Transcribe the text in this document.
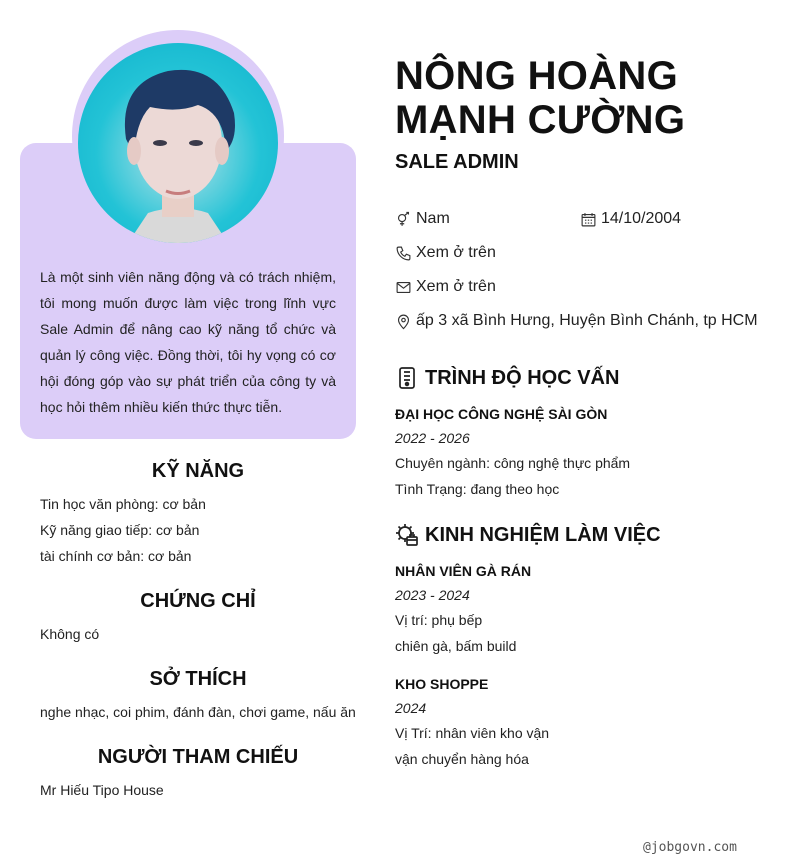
Là một sinh viên năng động và có trách nhiệm, tôi mong muốn được làm việc trong lĩnh vực Sale Admin để nâng cao kỹ năng tổ chức và quản lý công việc. Đồng thời, tôi hy vọng có cơ hội đóng góp vào sự phát triển của công ty và học hỏi thêm nhiều kiến thức thực tiễn.

KỸ NĂNG
Tin học văn phòng: cơ bản
Kỹ năng giao tiếp: cơ bản
tài chính cơ bản: cơ bản
CHỨNG CHỈ
Không có
SỞ THÍCH
nghe nhạc, coi phim, đánh đàn, chơi game, nấu ăn
NGƯỜI THAM CHIẾU
Mr Hiếu Tipo House
NÔNG HOÀNG
MẠNH CƯỜNG

SALE ADMIN

Nam	14/10/2004
Xem ở trên
Xem ở trên
ấp 3 xã Bình Hưng, Huyện Bình Chánh, tp HCM
TRÌNH ĐỘ HỌC VẤN

ĐẠI HỌC CÔNG NGHỆ SÀI GÒN

2022 - 2026

Chuyên ngành: công nghệ thực phẩm

Tình Trạng: đang theo học

KINH NGHIỆM LÀM VIỆC

NHÂN VIÊN GÀ RÁN

2023 - 2024

Vị trí: phụ bếp

chiên gà, bấm build

KHO SHOPPE

2024

Vị Trí: nhân viên kho vận

vận chuyển hàng hóa

@jobgovn.com
